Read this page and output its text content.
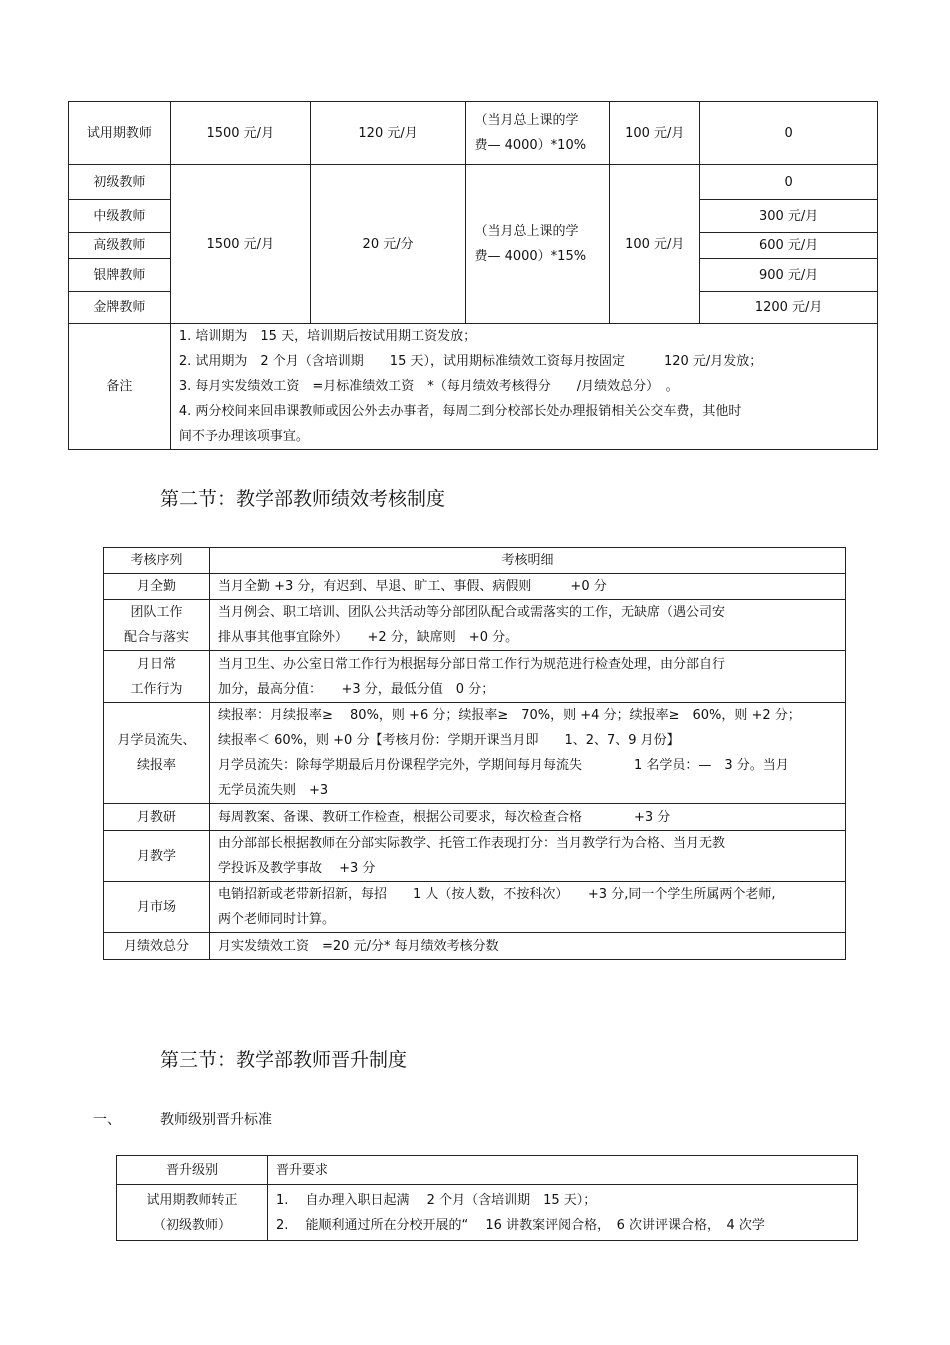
试用期教师	1500 元/月	120 元/月	（当月总上课的学
费— 4000）*10%	100 元/月	0
初级教师	1500 元/月	20 元/分	（当月总上课的学
费— 4000）*15%	100 元/月	0
中级教师					300 元/月
高级教师					600 元/月
银牌教师					900 元/月
金牌教师					1200 元/月
备注	1. 培训期为　15 天，培训期后按试用期工资发放；
2. 试用期为　2 个月（含培训期　　15 天），试用期标准绩效工资每月按固定　　　120 元/月发放；
3. 每月实发绩效工资　=月标准绩效工资　*（每月绩效考核得分　　/月绩效总分）　。
4. 两分校间来回串课教师或因公外去办事者，每周二到分校部长处办理报销相关公交车费，其他时
间不予办理该项事宜。				
第二节：教学部教师绩效考核制度
考核序列	考核明细

月全勤	当月全勤 +3 分，有迟到、早退、旷工、事假、病假则　　　+0 分

团队工作
配合与落实	当月例会、职工培训、团队公共活动等分部团队配合或需落实的工作，无缺席（遇公司安
排从事其他事宜除外）　　+2 分，缺席则　+0 分。

月日常
工作行为	当月卫生、办公室日常工作行为根据每分部日常工作行为规范进行检查处理，由分部自行
加分，最高分值：　　+3 分，最低分值　0 分；

月学员流失、
续报率	续报率：月续报率≥　 80%，则 +6 分；续报率≥　70%，则 +4 分；续报率≥　60%，则 +2 分；
续报率＜ 60%，则 +0 分【考核月份：学期开课当月即　　1、2、7、9 月份】
月学员流失：除每学期最后月份课程学完外，学期间每月每流失　　　　1 名学员：—　3 分。当月
无学员流失则　+3

月教研	每周教案、备课、教研工作检查，根据公司要求，每次检查合格　　　　+3 分

月教学	由分部部长根据教师在分部实际教学、托管工作表现打分：当月教学行为合格、当月无教
学投诉及教学事故　 +3 分

月市场	电销招新或老带新招新，每招　　1 人（按人数，不按科次）　　+3 分,同一个学生所属两个老师,
两个老师同时计算。

月绩效总分	月实发绩效工资　=20 元/分* 每月绩效考核分数
第三节：教学部教师晋升制度
一、	教师级别晋升标准
晋升级别	晋升要求

试用期教师转正
（初级教师）	1.　 自办理入职日起满　 2 个月（含培训期　15 天）；
2.　 能顺利通过所在分校开展的“　 16 讲教案评阅合格，　6 次讲评课合格，　4 次学
